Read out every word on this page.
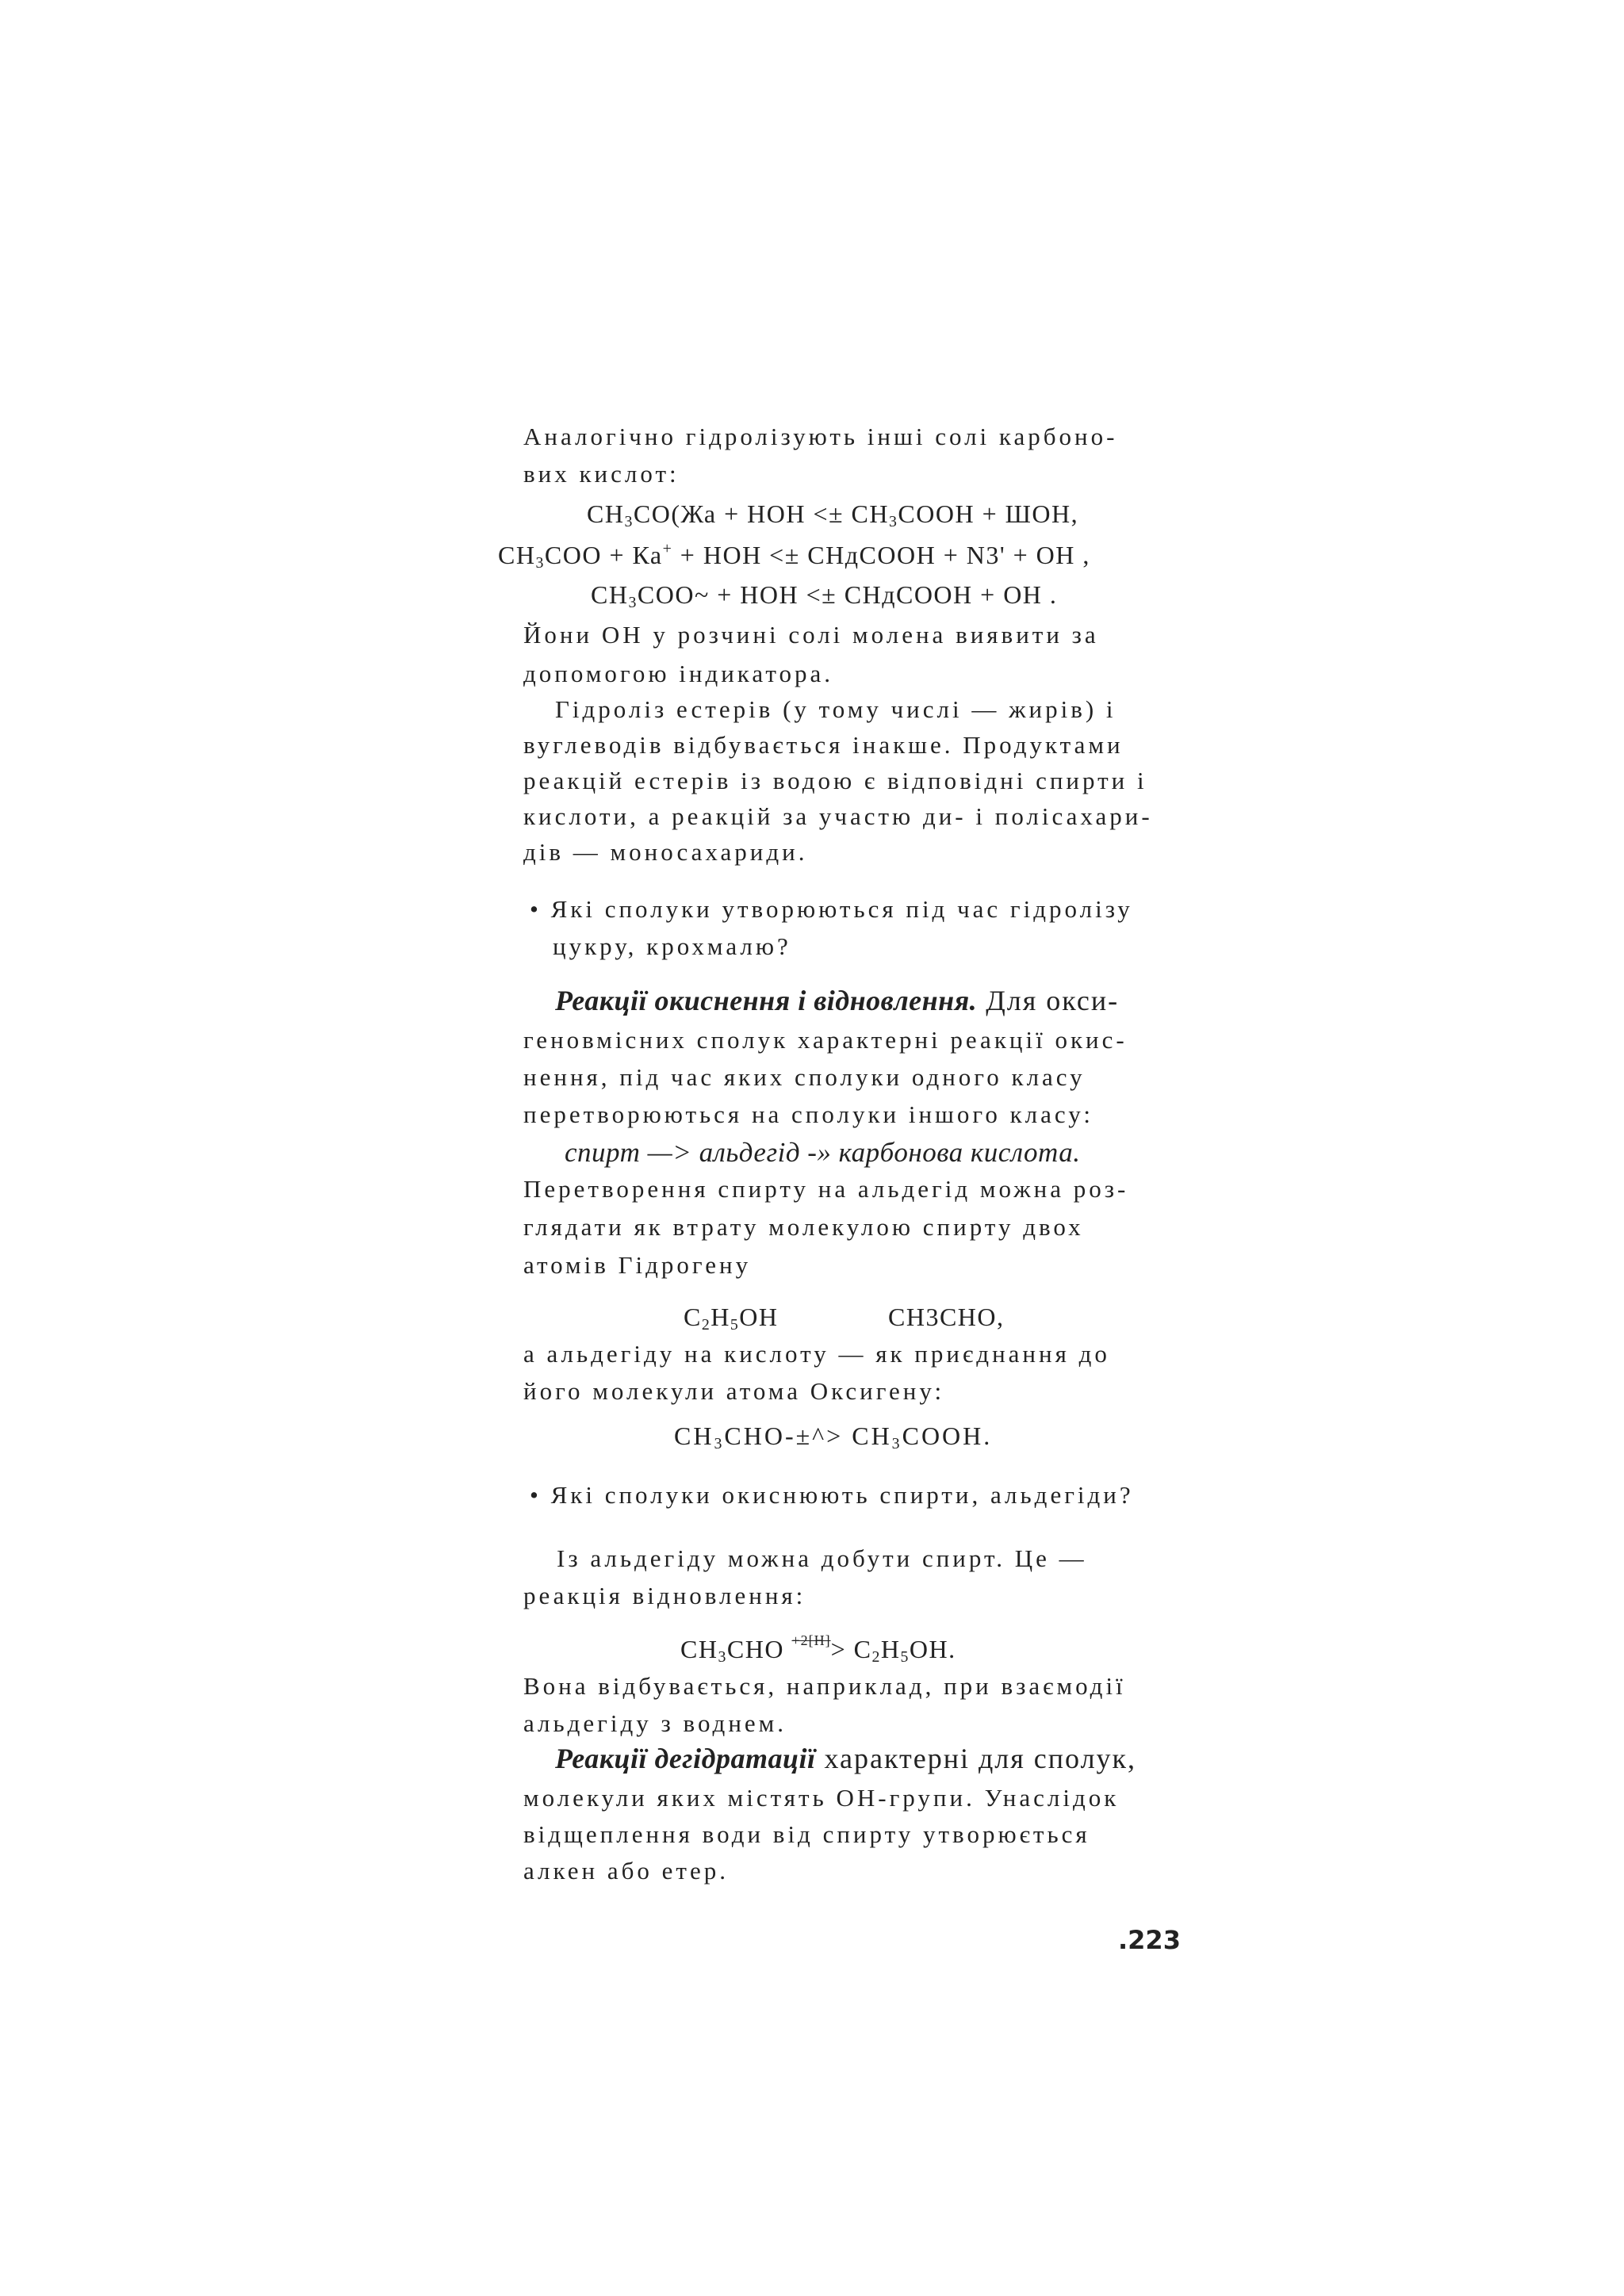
Аналогічно гідролізують інші солі карбоно-
вих кислот:
$CH_3CO(Жа$ + НОН <± $CH_3COOH$ + ШОН,
$CH_3COO + Ка^+$ + НОН <± CHдCOOH + N3' + OH ,
$CH_3COO\sim$ + НОН <± CHдCOOH + OH .
Йони ОН у розчині солі молена виявити за
допомогою індикатора.
Гідроліз естерів (у тому числі — жирів) і
вуглеводів відбувається інакше. Продуктами
реакцій естерів із водою є відповідні спирти і
кислоти, а реакцій за участю ди- і полісахари-
дів — моносахариди.
• Які сполуки утворюються під час гідролізу
цукру, крохмалю?
Реакції окиснення і відновлення. Для окси-
геновмісних сполук характерні реакції окис-
нення, під час яких сполуки одного класу
перетворюються на сполуки іншого класу:
спирт —> альдегід -» карбонова кислота.
Перетворення спирту на альдегід можна роз-
глядати як втрату молекулою спирту двох
атомів Гідрогену
$C_2H_5OH$	CH3CHO,
а альдегіду на кислоту — як приєднання до
його молекули атома Оксигену:
$CH_3CHO-\pm\^{}>$ $CH_3COOH$.
• Які сполуки окиснюють спирти, альдегіди?
Із альдегіду можна добути спирт. Це —
реакція відновлення:
$CH_3CHO$ $^{+2[H]}> C_2H_5OH$.
Вона відбувається, наприклад, при взаємодії
альдегіду з воднем.
Реакції дегідратації характерні для сполук,
молекули яких містять ОН-групи. Унаслідок
відщеплення води від спирту утворюється
алкен або етер.
.223
